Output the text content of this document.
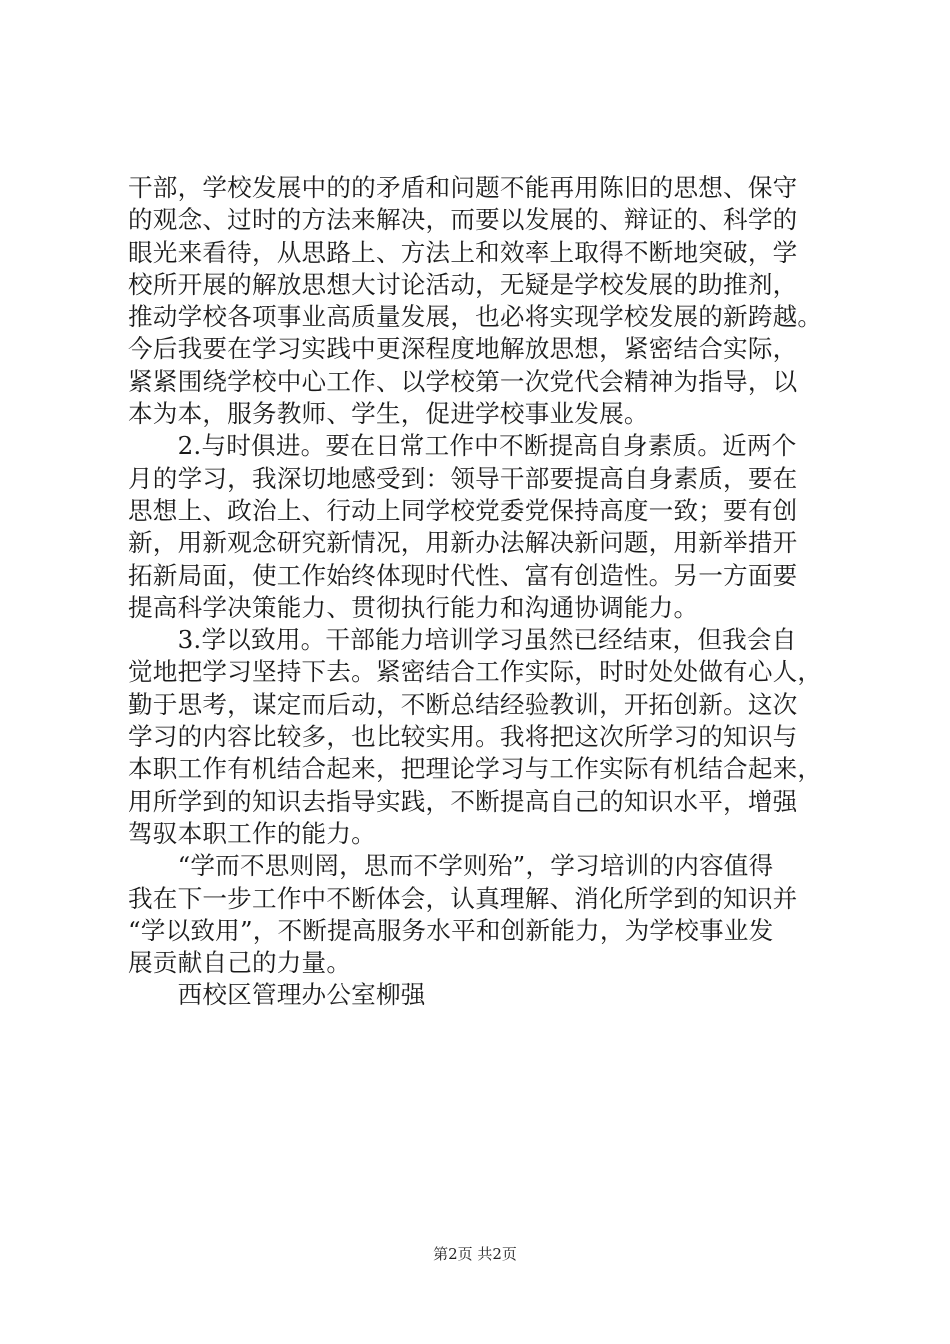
干部，学校发展中的的矛盾和问题不能再用陈旧的思想、保守
的观念、过时的方法来解决，而要以发展的、辩证的、科学的
眼光来看待，从思路上、方法上和效率上取得不断地突破，学
校所开展的解放思想大讨论活动，无疑是学校发展的助推剂，
推动学校各项事业高质量发展，也必将实现学校发展的新跨越。
今后我要在学习实践中更深程度地解放思想，紧密结合实际，
紧紧围绕学校中心工作、以学校第一次党代会精神为指导，以
本为本，服务教师、学生，促进学校事业发展。
　　2.与时俱进。要在日常工作中不断提高自身素质。近两个
月的学习，我深切地感受到：领导干部要提高自身素质，要在
思想上、政治上、行动上同学校党委党保持高度一致；要有创
新，用新观念研究新情况，用新办法解决新问题，用新举措开
拓新局面，使工作始终体现时代性、富有创造性。另一方面要
提高科学决策能力、贯彻执行能力和沟通协调能力。
　　3.学以致用。干部能力培训学习虽然已经结束，但我会自
觉地把学习坚持下去。紧密结合工作实际，时时处处做有心人，
勤于思考，谋定而后动，不断总结经验教训，开拓创新。这次
学习的内容比较多，也比较实用。我将把这次所学习的知识与
本职工作有机结合起来，把理论学习与工作实际有机结合起来，
用所学到的知识去指导实践，不断提高自己的知识水平，增强
驾驭本职工作的能力。
　　“学而不思则罔，思而不学则殆”，学习培训的内容值得
我在下一步工作中不断体会，认真理解、消化所学到的知识并
“学以致用”，不断提高服务水平和创新能力，为学校事业发
展贡献自己的力量。
　　西校区管理办公室柳强
第2页 共2页
